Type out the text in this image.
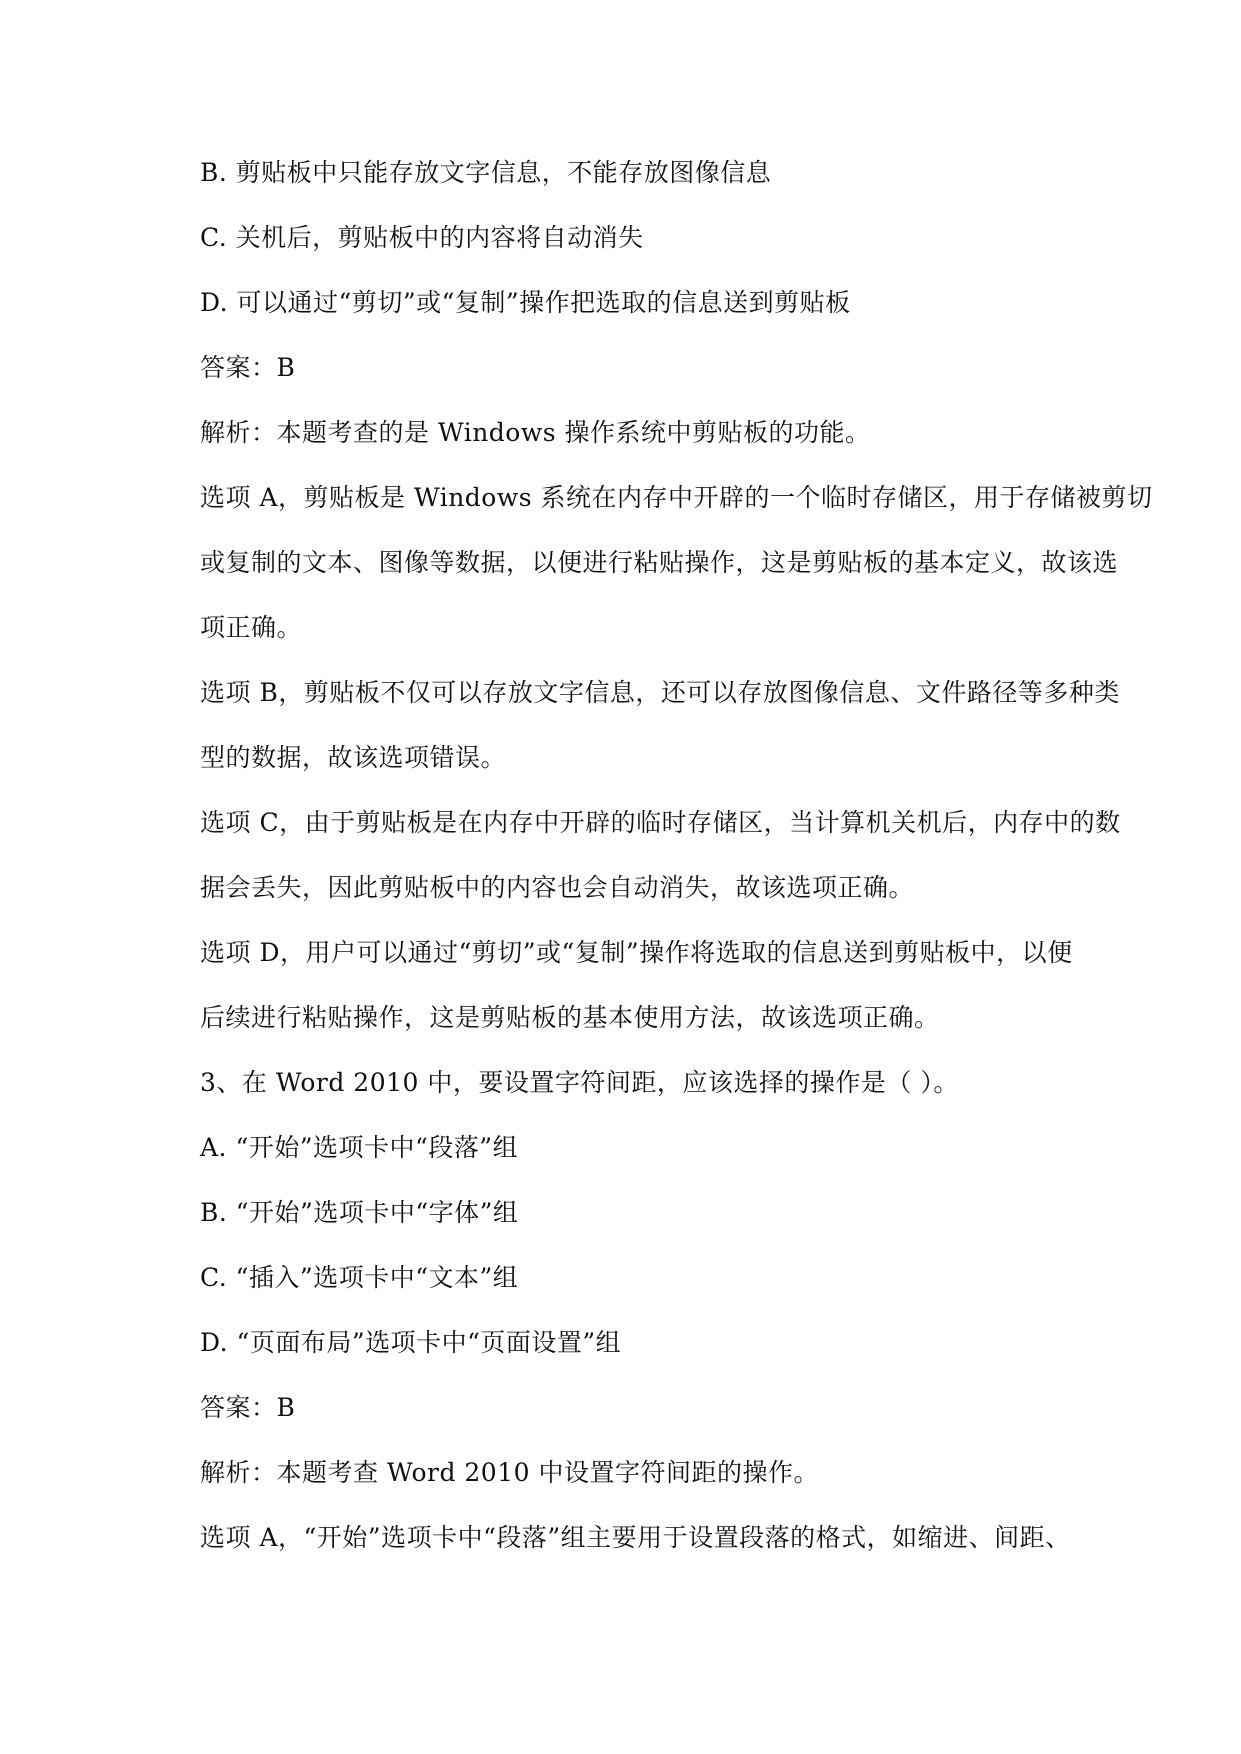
B. 剪贴板中只能存放文字信息，不能存放图像信息
C. 关机后，剪贴板中的内容将自动消失
D. 可以通过“剪切”或“复制”操作把选取的信息送到剪贴板
答案：B
解析：本题考查的是 Windows 操作系统中剪贴板的功能。
选项 A，剪贴板是 Windows 系统在内存中开辟的一个临时存储区，用于存储被剪切
或复制的文本、图像等数据，以便进行粘贴操作，这是剪贴板的基本定义，故该选
项正确。
选项 B，剪贴板不仅可以存放文字信息，还可以存放图像信息、文件路径等多种类
型的数据，故该选项错误。
选项 C，由于剪贴板是在内存中开辟的临时存储区，当计算机关机后，内存中的数
据会丢失，因此剪贴板中的内容也会自动消失，故该选项正确。
选项 D，用户可以通过“剪切”或“复制”操作将选取的信息送到剪贴板中，以便
后续进行粘贴操作，这是剪贴板的基本使用方法，故该选项正确。
3、在 Word 2010 中，要设置字符间距，应该选择的操作是（ ）。
A. “开始”选项卡中“段落”组
B. “开始”选项卡中“字体”组
C. “插入”选项卡中“文本”组
D. “页面布局”选项卡中“页面设置”组
答案：B
解析：本题考查 Word 2010 中设置字符间距的操作。
选项 A，“开始”选项卡中“段落”组主要用于设置段落的格式，如缩进、间距、
